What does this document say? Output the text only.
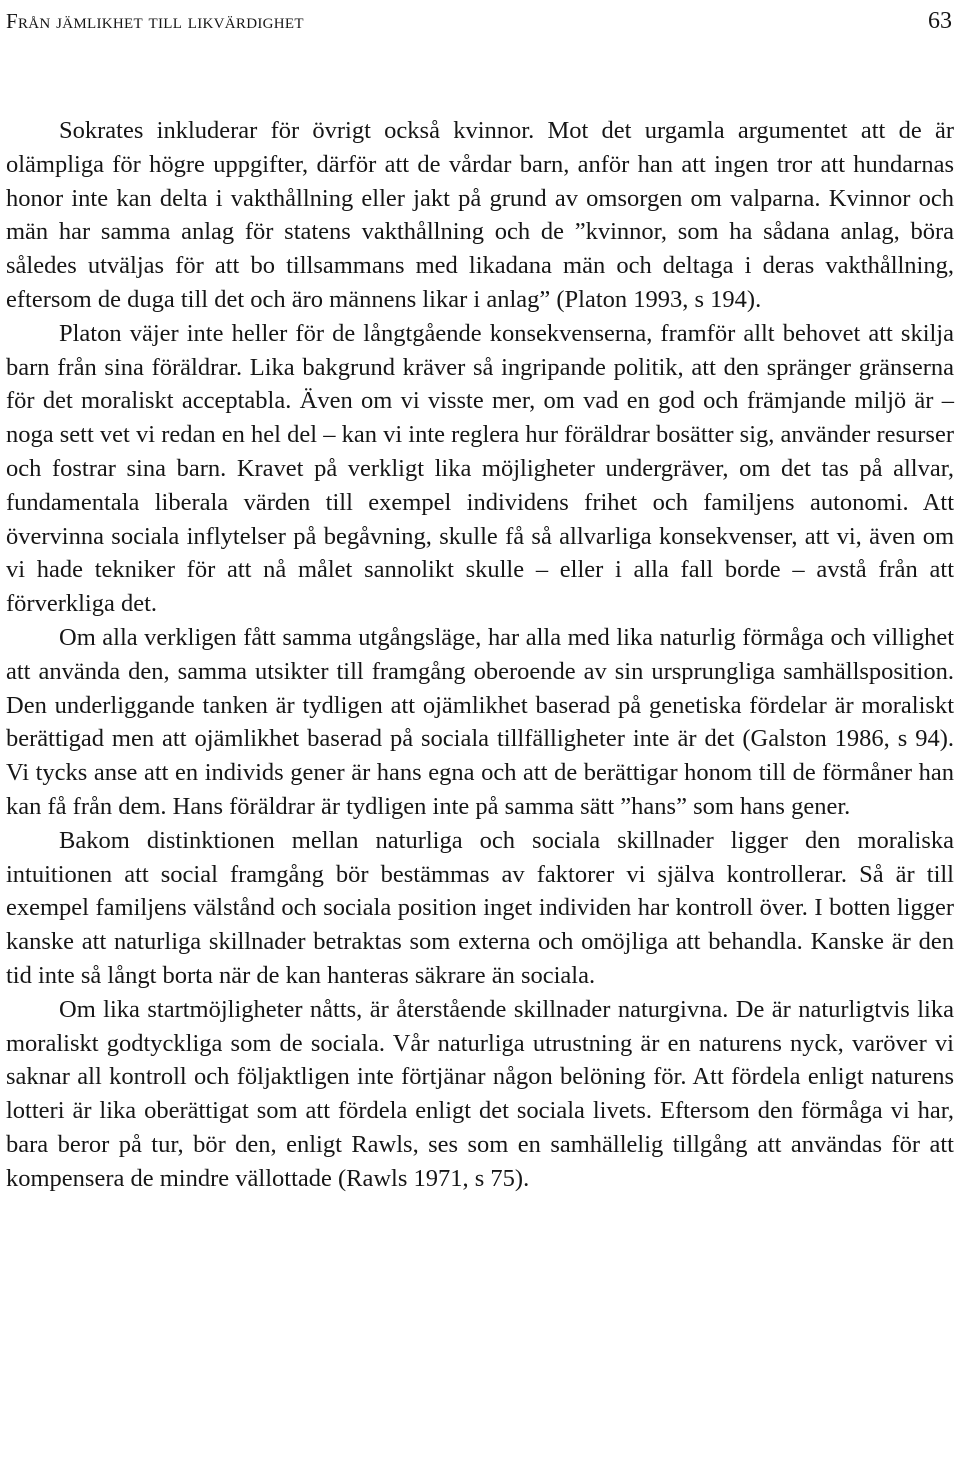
Från jämlikhet till likvärdighet	63

Sokrates inkluderar för övrigt också kvinnor. Mot det urgamla argumentet att de är olämpliga för högre uppgifter, därför att de vårdar barn, anför han att ingen tror att hundarnas honor inte kan delta i vakthållning eller jakt på grund av omsorgen om valparna. Kvinnor och män har samma anlag för statens vakthållning och de ”kvinnor, som ha sådana anlag, böra således utväljas för att bo tillsammans med likadana män och deltaga i deras vakthållning, eftersom de duga till det och äro männens likar i anlag” (Platon 1993, s 194).

Platon väjer inte heller för de långtgående konsekvenserna, framför allt behovet att skilja barn från sina föräldrar. Lika bakgrund kräver så ingripande politik, att den spränger gränserna för det moraliskt acceptabla. Även om vi visste mer, om vad en god och främjande miljö är – noga sett vet vi redan en hel del – kan vi inte reglera hur föräldrar bosätter sig, använder resurser och fostrar sina barn. Kravet på verkligt lika möjligheter undergräver, om det tas på allvar, fundamentala liberala värden till exempel individens frihet och familjens autonomi. Att övervinna sociala inflytelser på begåvning, skulle få så allvarliga konsekvenser, att vi, även om vi hade tekniker för att nå målet sannolikt skulle – eller i alla fall borde – avstå från att förverkliga det.

Om alla verkligen fått samma utgångsläge, har alla med lika naturlig förmåga och villighet att använda den, samma utsikter till framgång oberoende av sin ursprungliga samhällsposition. Den underliggande tanken är tydligen att ojämlikhet baserad på genetiska fördelar är moraliskt berättigad men att ojämlikhet baserad på sociala tillfälligheter inte är det (Galston 1986, s 94). Vi tycks anse att en individs gener är hans egna och att de berättigar honom till de förmåner han kan få från dem. Hans föräldrar är tydligen inte på samma sätt ”hans” som hans gener.

Bakom distinktionen mellan naturliga och sociala skillnader ligger den moraliska intuitionen att social framgång bör bestämmas av faktorer vi själva kontrollerar. Så är till exempel familjens välstånd och sociala position inget individen har kontroll över. I botten ligger kanske att naturliga skillnader betraktas som externa och omöjliga att behandla. Kanske är den tid inte så långt borta när de kan hanteras säkrare än sociala.

Om lika startmöjligheter nåtts, är återstående skillnader naturgivna. De är naturligtvis lika moraliskt godtyckliga som de sociala. Vår naturliga utrustning är en naturens nyck, varöver vi saknar all kontroll och följaktligen inte förtjänar någon belöning för. Att fördela enligt naturens lotteri är lika oberättigat som att fördela enligt det sociala livets. Eftersom den förmåga vi har, bara beror på tur, bör den, enligt Rawls, ses som en samhällelig tillgång att användas för att kompensera de mindre vällottade (Rawls 1971, s 75).
